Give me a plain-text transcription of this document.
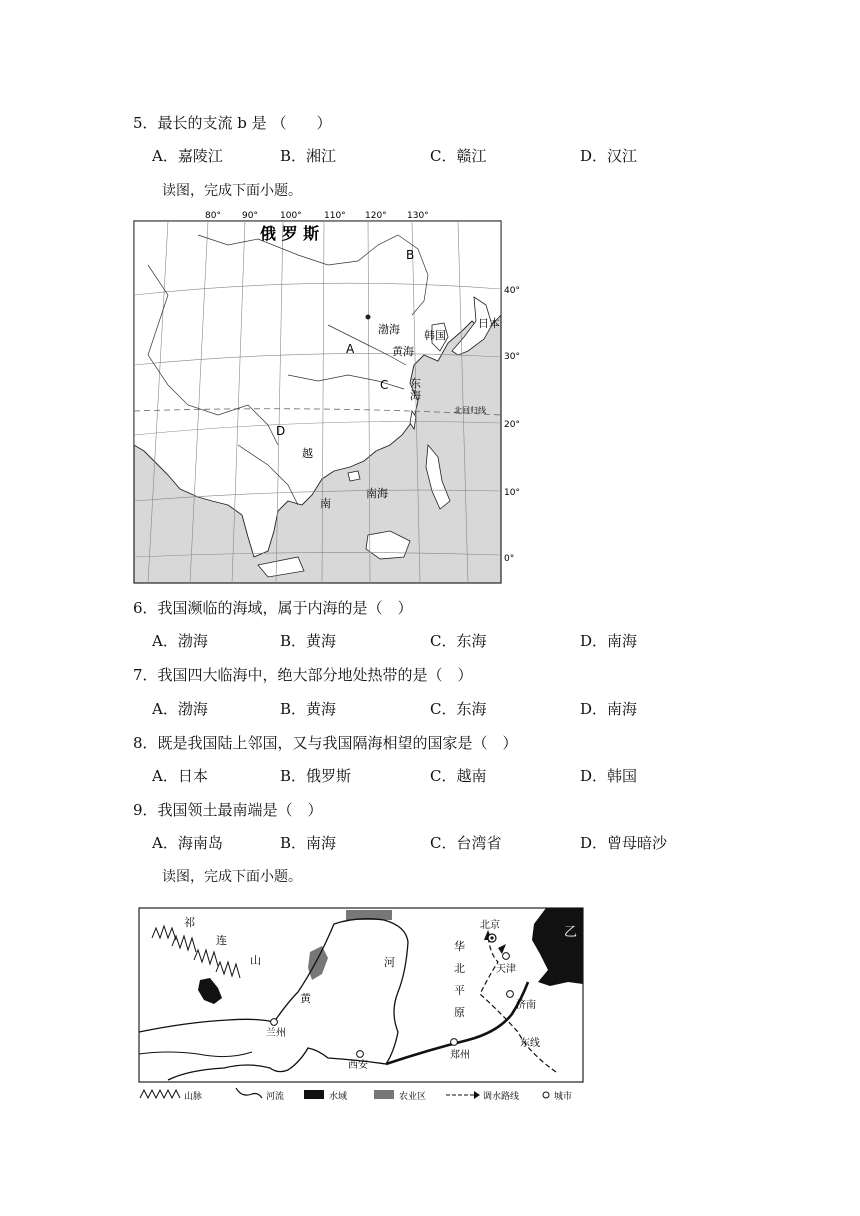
5．最长的支流 b 是 （　　）
A．嘉陵江	B．湘江	C．赣江	D．汉江
读图，完成下面小题。
80° 90° 100° 110° 120° 130°
40°
30°
20°
10°
0°
俄 罗 斯
B
渤海 韩国
日本
A	黄海
C 东
海
北回归线
D
越
南
南海
6．我国濒临的海域，属于内海的是（　）
A．渤海	B．黄海	C．东海	D．南海
7．我国四大临海中，绝大部分地处热带的是（　）
A．渤海	B．黄海	C．东海	D．南海
8．既是我国陆上邻国，又与我国隔海相望的国家是（　）
A．日本	B．俄罗斯	C．越南	D．韩国
9．我国领土最南端是（　）
A．海南岛	B．南海	C．台湾省	D．曾母暗沙
读图，完成下面小题。
祁
连
山
黄
河
华
北
平
原
北京
天津
济南
兰州
西安
郑州
东线
乙
山脉	河流	水域	农业区	调水路线	城市
